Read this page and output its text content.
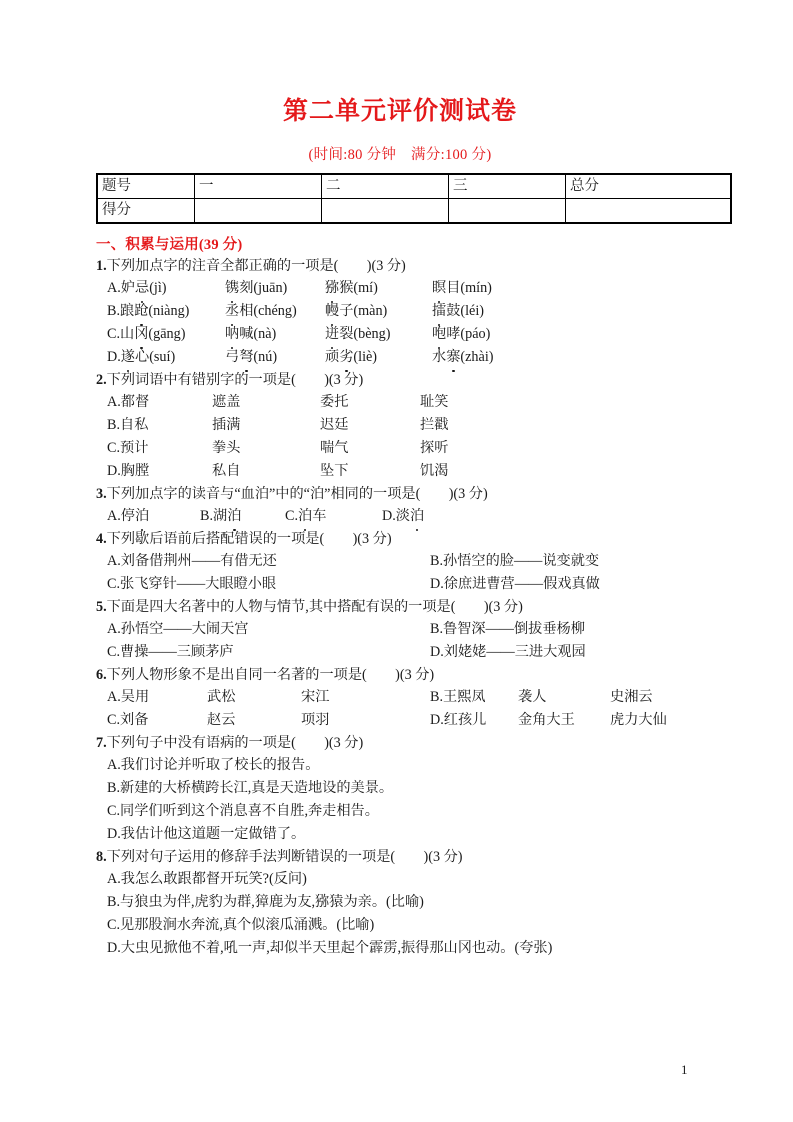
第二单元评价测试卷
(时间:80 分钟　满分:100 分)
题号	一	二	三	总分
得分				
一、积累与运用(39 分)
1.下列加点字的注音全都正确的一项是(　　 )(3 分)
A.妒忌(jì)	镌刻(juān)	猕猴(mí)	瞑目(mín)
B.踉跄(niàng)	丞相(chéng) 幔子(màn)	擂鼓(léi)
C.山冈(gāng)	呐喊(nà)	迸裂(bèng)	咆哮(páo)
D.遂心(suí)	弓弩(nú)	顽劣(liè)	水寨(zhài)
2.下列词语中有错别字的一项是(　　 )(3 分)
A.都督	遮盖	委托	耻笑
B.自私	插满	迟廷	拦戳
C.预计	拳头	喘气	探听
D.胸膛	私自	坠下	饥渴
3.下列加点字的读音与“血泊”中的“泊”相同的一项是(　　 )(3 分)
A.停泊	B.湖泊	C.泊车	D.淡泊
4.下列歇后语前后搭配错误的一项是(　　 )(3 分)
A.刘备借荆州——有借无还	B.孙悟空的脸——说变就变
C.张飞穿针——大眼瞪小眼	D.徐庶进曹营——假戏真做
5.下面是四大名著中的人物与情节,其中搭配有误的一项是(　　 )(3 分)
A.孙悟空——大闹天宫	B.鲁智深——倒拔垂杨柳
C.曹操——三顾茅庐	D.刘姥姥——三进大观园
6.下列人物形象不是出自同一名著的一项是(　　 )(3 分)
A.吴用	武松	宋江	B.王熙凤 袭人	史湘云
C.刘备	赵云	项羽	D.红孩儿 金角大王 虎力大仙
7.下列句子中没有语病的一项是(　　 )(3 分)
A.我们讨论并听取了校长的报告。
B.新建的大桥横跨长江,真是天造地设的美景。
C.同学们听到这个消息喜不自胜,奔走相告。
D.我估计他这道题一定做错了。
8.下列对句子运用的修辞手法判断错误的一项是(　　 )(3 分)
A.我怎么敢跟都督开玩笑?(反问)
B.与狼虫为伴,虎豹为群,獐鹿为友,猕猿为亲。(比喻)
C.见那股涧水奔流,真个似滚瓜涌溅。(比喻)
D.大虫见掀他不着,吼一声,却似半天里起个霹雳,振得那山冈也动。(夸张)
1
